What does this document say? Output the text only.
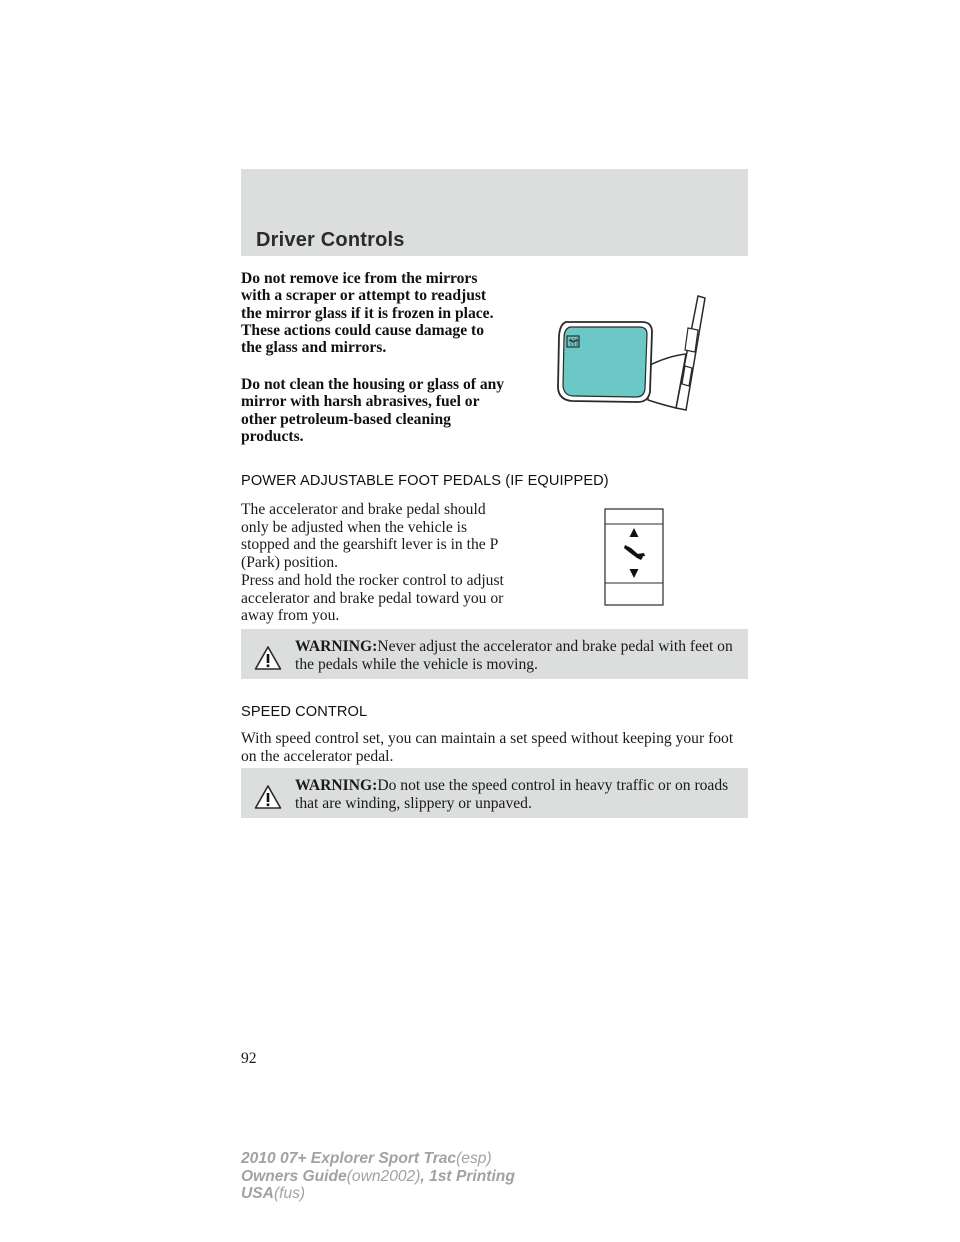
Driver Controls

Do not remove ice from the mirrors with a scraper or attempt to readjust the mirror glass if it is frozen in place. These actions could cause damage to the glass and mirrors.

Do not clean the housing or glass of any mirror with harsh abrasives, fuel or other petroleum-based cleaning products.

POWER ADJUSTABLE FOOT PEDALS (IF EQUIPPED)

The accelerator and brake pedal should only be adjusted when the vehicle is stopped and the gearshift lever is in the P (Park) position.

Press and hold the rocker control to adjust accelerator and brake pedal toward you or away from you.

WARNING:Never adjust the accelerator and brake pedal with feet on the pedals while the vehicle is moving.

SPEED CONTROL

With speed control set, you can maintain a set speed without keeping your foot on the accelerator pedal.

WARNING:Do not use the speed control in heavy traffic or on roads that are winding, slippery or unpaved.

92

2010 07+ Explorer Sport Trac(esp)
Owners Guide(own2002), 1st Printing
USA(fus)
